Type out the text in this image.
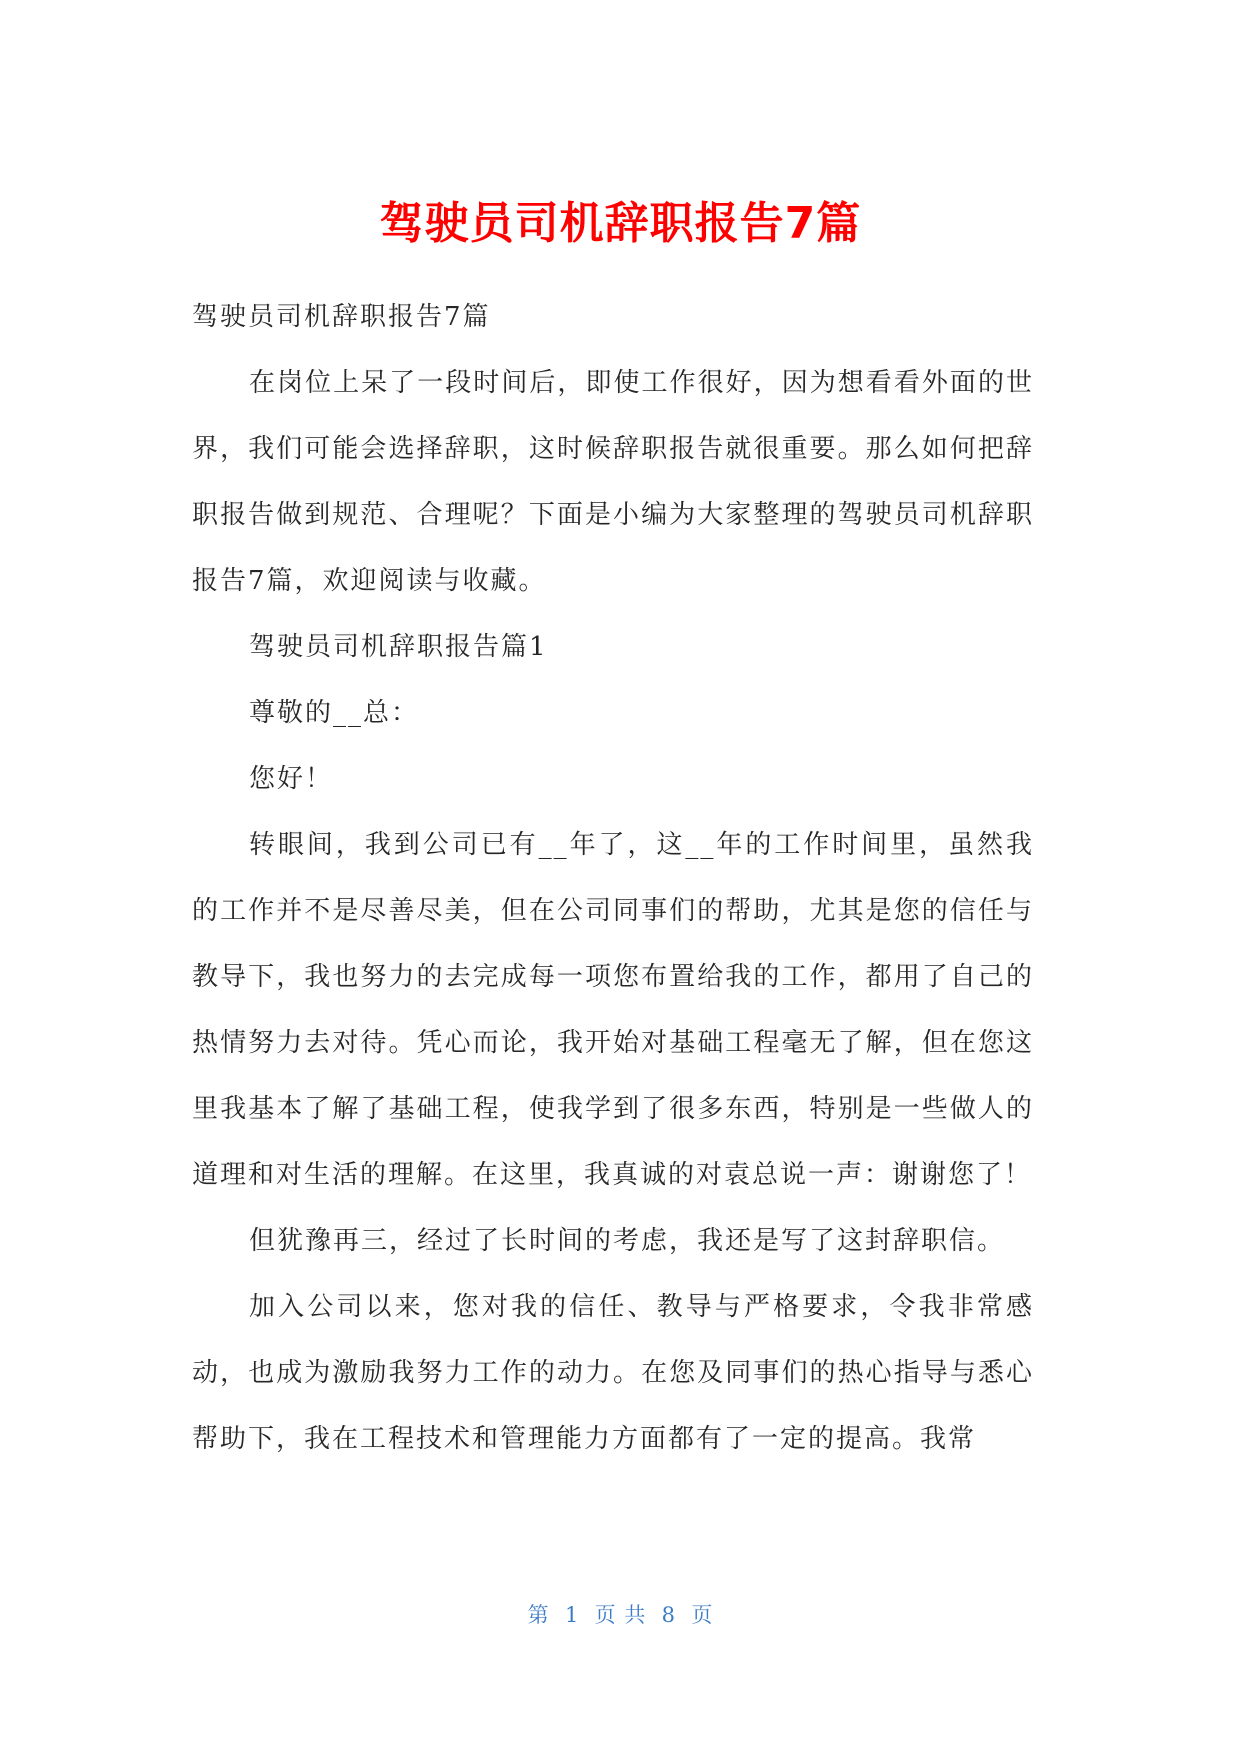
驾驶员司机辞职报告7篇

驾驶员司机辞职报告7篇

在岗位上呆了一段时间后，即使工作很好，因为想看看外面的世界，我们可能会选择辞职，这时候辞职报告就很重要。那么如何把辞职报告做到规范、合理呢？下面是小编为大家整理的驾驶员司机辞职报告7篇，欢迎阅读与收藏。

驾驶员司机辞职报告篇1

尊敬的__总：

您好！

转眼间，我到公司已有__年了，这__年的工作时间里，虽然我的工作并不是尽善尽美，但在公司同事们的帮助，尤其是您的信任与教导下，我也努力的去完成每一项您布置给我的工作，都用了自己的热情努力去对待。凭心而论，我开始对基础工程毫无了解，但在您这里我基本了解了基础工程，使我学到了很多东西，特别是一些做人的道理和对生活的理解。在这里，我真诚的对袁总说一声：谢谢您了！

但犹豫再三，经过了长时间的考虑，我还是写了这封辞职信。

加入公司以来，您对我的信任、教导与严格要求，令我非常感动，也成为激励我努力工作的动力。在您及同事们的热心指导与悉心帮助下，我在工程技术和管理能力方面都有了一定的提高。我常

第  1  页 共  8  页
